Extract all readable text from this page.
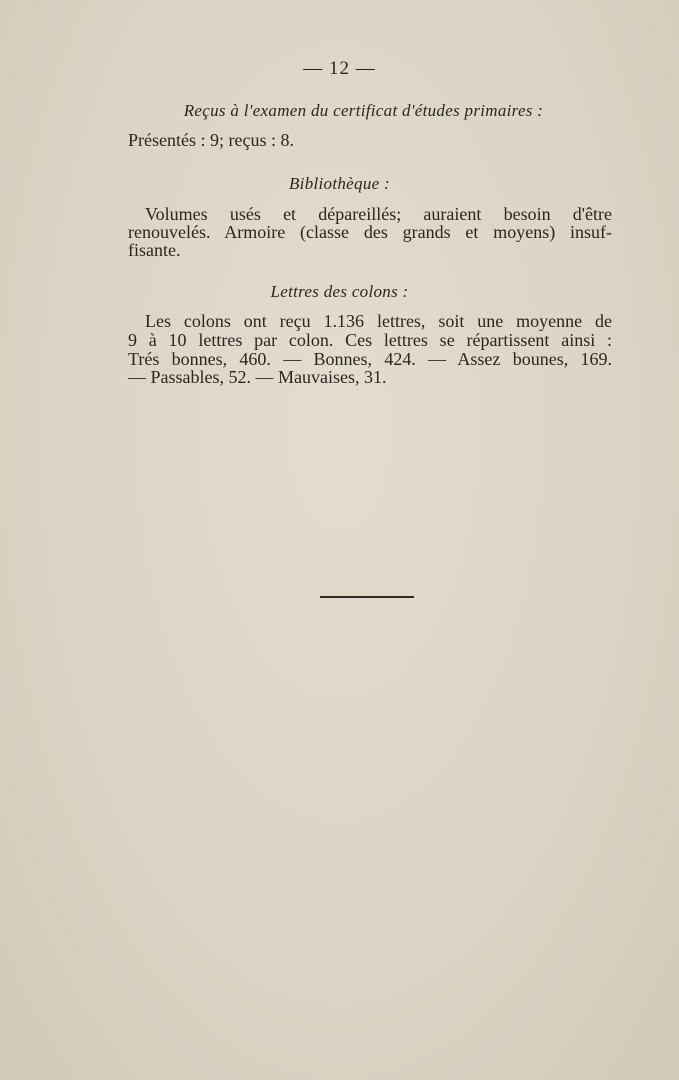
— 12 —
Reçus à l'examen du certificat d'études primaires :
Présentés : 9; reçus : 8.
Bibliothèque :
Volumes usés et dépareillés; auraient besoin d'être
renouvelés. Armoire (classe des grands et moyens) insuf-
fisante.
Lettres des colons :
Les colons ont reçu 1.136 lettres, soit une moyenne de
9 à 10 lettres par colon. Ces lettres se répartissent ainsi :
Trés bonnes, 460. — Bonnes, 424. — Assez bounes, 169.
— Passables, 52. — Mauvaises, 31.
